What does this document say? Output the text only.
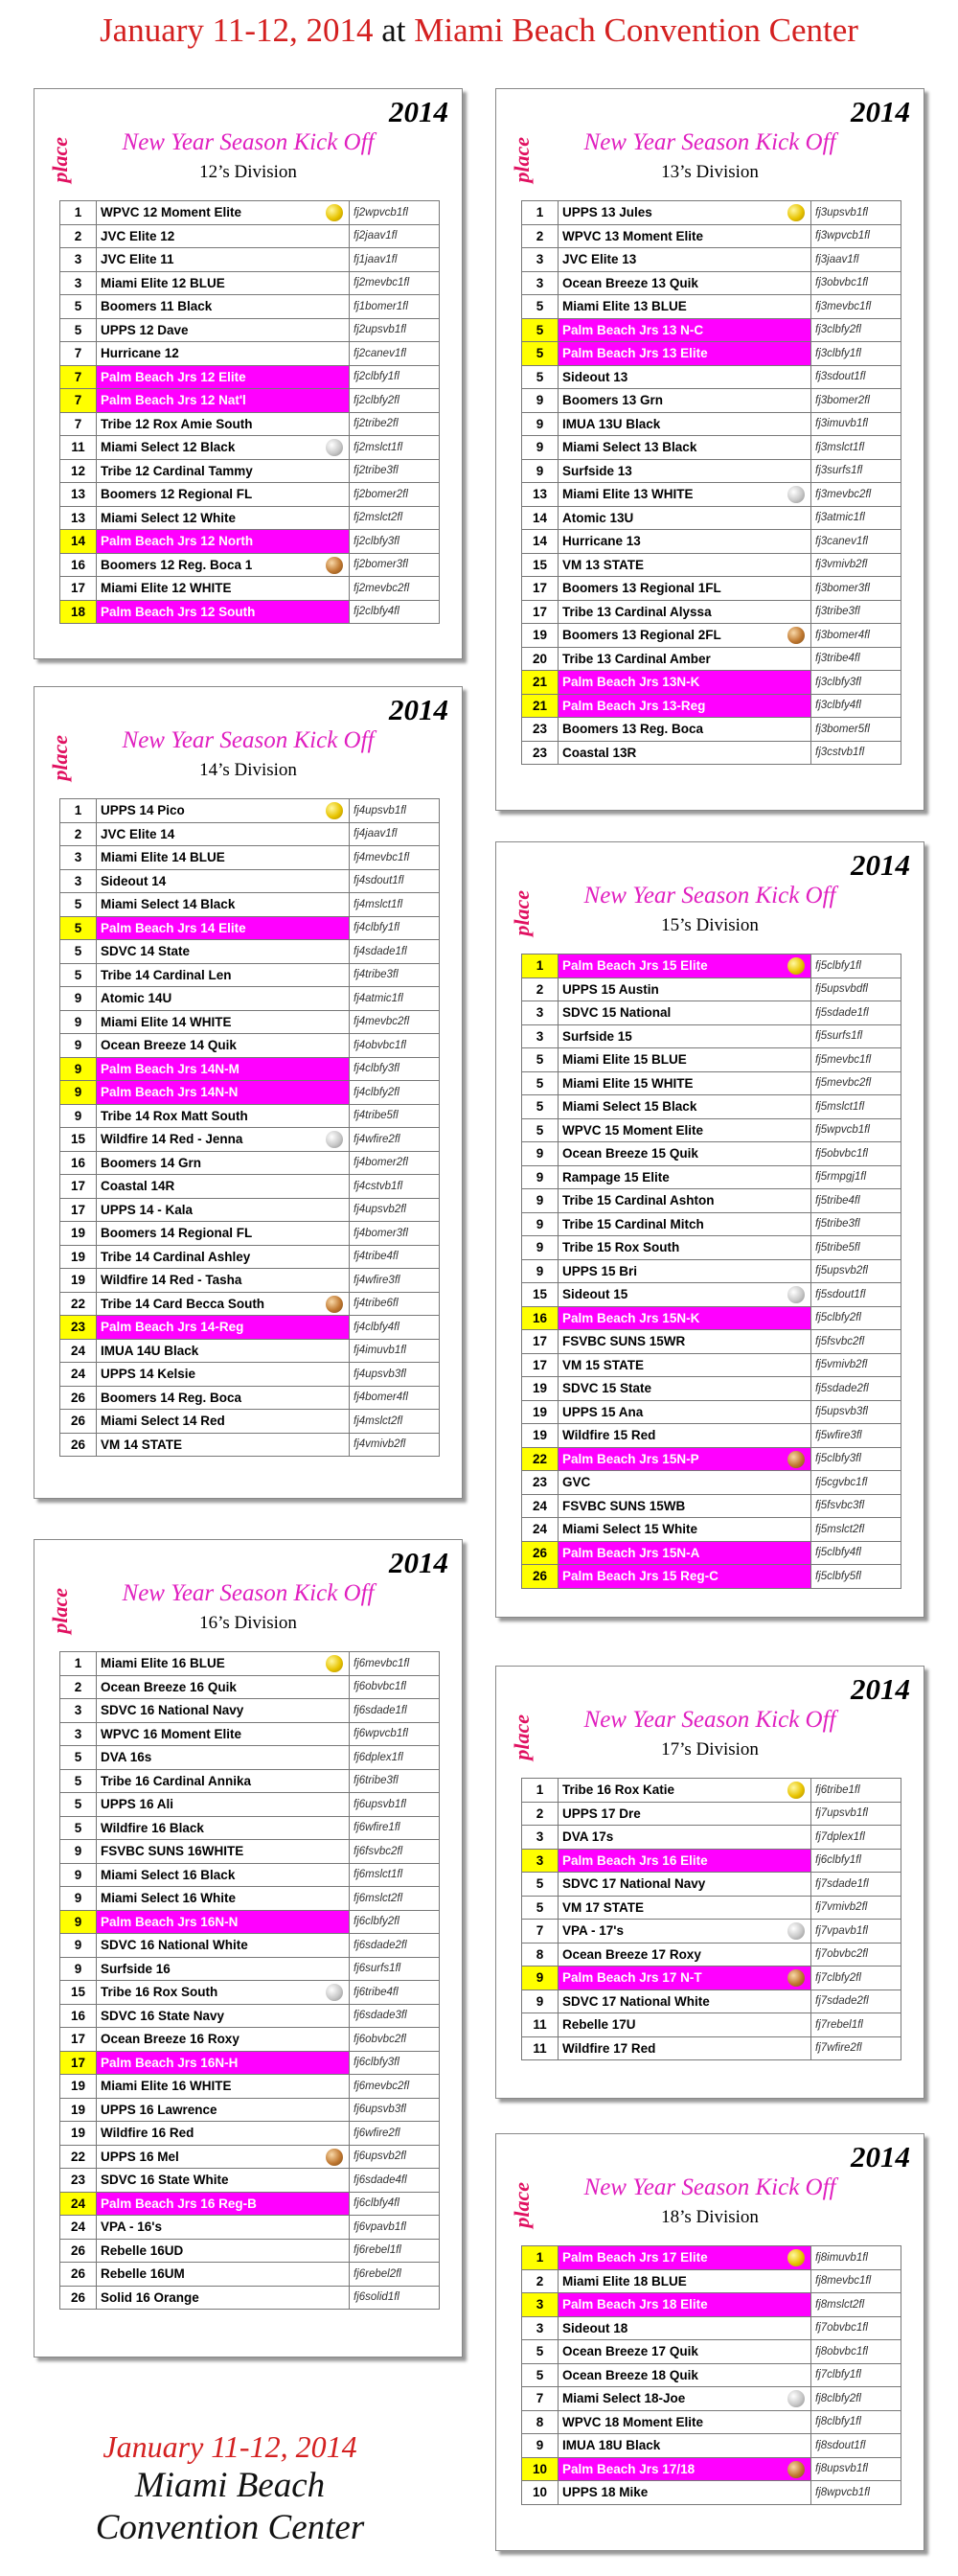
January 11-12, 2014 at Miami Beach Convention Center
2014
place	New Year Season Kick Off
12’s Division
1	WPVC 12 Moment Elite	fj2wpvcb1fl
2	JVC Elite 12	fj2jaav1fl
3	JVC Elite 11	fj1jaav1fl
3	Miami Elite 12 BLUE	fj2mevbc1fl
5	Boomers 11 Black	fj1bomer1fl
5	UPPS 12 Dave	fj2upsvb1fl
7	Hurricane 12	fj2canev1fl
7	Palm Beach Jrs 12 Elite	fj2clbfy1fl
7	Palm Beach Jrs 12 Nat'l	fj2clbfy2fl
7	Tribe 12 Rox Amie South	fj2tribe2fl
11	Miami Select 12 Black	fj2mslct1fl
12	Tribe 12 Cardinal Tammy	fj2tribe3fl
13	Boomers 12 Regional FL	fj2bomer2fl
13	Miami Select 12 White	fj2mslct2fl
14	Palm Beach Jrs 12 North	fj2clbfy3fl
16	Boomers 12 Reg. Boca 1	fj2bomer3fl
17	Miami Elite 12 WHITE	fj2mevbc2fl
18	Palm Beach Jrs 12 South	fj2clbfy4fl
2014
place	New Year Season Kick Off
13’s Division
1	UPPS 13 Jules	fj3upsvb1fl
2	WPVC 13 Moment Elite	fj3wpvcb1fl
3	JVC Elite 13	fj3jaav1fl
3	Ocean Breeze 13 Quik	fj3obvbc1fl
5	Miami Elite 13 BLUE	fj3mevbc1fl
5	Palm Beach Jrs 13 N-C	fj3clbfy2fl
5	Palm Beach Jrs 13 Elite	fj3clbfy1fl
5	Sideout 13	fj3sdout1fl
9	Boomers 13 Grn	fj3bomer2fl
9	IMUA 13U Black	fj3imuvb1fl
9	Miami Select 13 Black	fj3mslct1fl
9	Surfside 13	fj3surfs1fl
13	Miami Elite 13 WHITE	fj3mevbc2fl
14	Atomic 13U	fj3atmic1fl
14	Hurricane 13	fj3canev1fl
15	VM 13 STATE	fj3vmivb2fl
17	Boomers 13 Regional 1FL	fj3bomer3fl
17	Tribe 13 Cardinal Alyssa	fj3tribe3fl
19	Boomers 13 Regional 2FL	fj3bomer4fl
20	Tribe 13 Cardinal Amber	fj3tribe4fl
21	Palm Beach Jrs 13N-K	fj3clbfy3fl
21	Palm Beach Jrs 13-Reg	fj3clbfy4fl
23	Boomers 13 Reg. Boca	fj3bomer5fl
23	Coastal 13R	fj3cstvb1fl
2014
place	New Year Season Kick Off
14’s Division
1	UPPS 14 Pico	fj4upsvb1fl
2	JVC Elite 14	fj4jaav1fl
3	Miami Elite 14 BLUE	fj4mevbc1fl
3	Sideout 14	fj4sdout1fl
5	Miami Select 14 Black	fj4mslct1fl
5	Palm Beach Jrs 14 Elite	fj4clbfy1fl
5	SDVC 14 State	fj4sdade1fl
5	Tribe 14 Cardinal Len	fj4tribe3fl
9	Atomic 14U	fj4atmic1fl
9	Miami Elite 14 WHITE	fj4mevbc2fl
9	Ocean Breeze 14 Quik	fj4obvbc1fl
9	Palm Beach Jrs 14N-M	fj4clbfy3fl
9	Palm Beach Jrs 14N-N	fj4clbfy2fl
9	Tribe 14 Rox Matt South	fj4tribe5fl
15	Wildfire 14 Red - Jenna	fj4wfire2fl
16	Boomers 14 Grn	fj4bomer2fl
17	Coastal 14R	fj4cstvb1fl
17	UPPS 14 - Kala	fj4upsvb2fl
19	Boomers 14 Regional FL	fj4bomer3fl
19	Tribe 14 Cardinal Ashley	fj4tribe4fl
19	Wildfire 14 Red - Tasha	fj4wfire3fl
22	Tribe 14 Card Becca South	fj4tribe6fl
23	Palm Beach Jrs 14-Reg	fj4clbfy4fl
24	IMUA 14U Black	fj4imuvb1fl
24	UPPS 14 Kelsie	fj4upsvb3fl
26	Boomers 14 Reg. Boca	fj4bomer4fl
26	Miami Select 14 Red	fj4mslct2fl
26	VM 14 STATE	fj4vmivb2fl
2014
place	New Year Season Kick Off
15’s Division
1	Palm Beach Jrs 15 Elite	fj5clbfy1fl
2	UPPS 15 Austin	fj5upsvbdfl
3	SDVC 15 National	fj5sdade1fl
3	Surfside 15	fj5surfs1fl
5	Miami Elite 15 BLUE	fj5mevbc1fl
5	Miami Elite 15 WHITE	fj5mevbc2fl
5	Miami Select 15 Black	fj5mslct1fl
5	WPVC 15 Moment Elite	fj5wpvcb1fl
9	Ocean Breeze 15 Quik	fj5obvbc1fl
9	Rampage 15 Elite	fj5rmpgj1fl
9	Tribe 15 Cardinal Ashton	fj5tribe4fl
9	Tribe 15 Cardinal Mitch	fj5tribe3fl
9	Tribe 15 Rox South	fj5tribe5fl
9	UPPS 15 Bri	fj5upsvb2fl
15	Sideout 15	fj5sdout1fl
16	Palm Beach Jrs 15N-K	fj5clbfy2fl
17	FSVBC SUNS 15WR	fj5fsvbc2fl
17	VM 15 STATE	fj5vmivb2fl
19	SDVC 15 State	fj5sdade2fl
19	UPPS 15 Ana	fj5upsvb3fl
19	Wildfire 15 Red	fj5wfire3fl
22	Palm Beach Jrs 15N-P	fj5clbfy3fl
23	GVC	fj5cgvbc1fl
24	FSVBC SUNS 15WB	fj5fsvbc3fl
24	Miami Select 15 White	fj5mslct2fl
26	Palm Beach Jrs 15N-A	fj5clbfy4fl
26	Palm Beach Jrs 15 Reg-C	fj5clbfy5fl
2014
place	New Year Season Kick Off
16’s Division
1	Miami Elite 16 BLUE	fj6mevbc1fl
2	Ocean Breeze 16 Quik	fj6obvbc1fl
3	SDVC 16 National Navy	fj6sdade1fl
3	WPVC 16 Moment Elite	fj6wpvcb1fl
5	DVA 16s	fj6dplex1fl
5	Tribe 16 Cardinal Annika	fj6tribe3fl
5	UPPS 16 Ali	fj6upsvb1fl
5	Wildfire 16 Black	fj6wfire1fl
9	FSVBC SUNS 16WHITE	fj6fsvbc2fl
9	Miami Select 16 Black	fj6mslct1fl
9	Miami Select 16 White	fj6mslct2fl
9	Palm Beach Jrs 16N-N	fj6clbfy2fl
9	SDVC 16 National White	fj6sdade2fl
9	Surfside 16	fj6surfs1fl
15	Tribe 16 Rox South	fj6tribe4fl
16	SDVC 16 State Navy	fj6sdade3fl
17	Ocean Breeze 16 Roxy	fj6obvbc2fl
17	Palm Beach Jrs 16N-H	fj6clbfy3fl
19	Miami Elite 16 WHITE	fj6mevbc2fl
19	UPPS 16 Lawrence	fj6upsvb3fl
19	Wildfire 16 Red	fj6wfire2fl
22	UPPS 16 Mel	fj6upsvb2fl
23	SDVC 16 State White	fj6sdade4fl
24	Palm Beach Jrs 16 Reg-B	fj6clbfy4fl
24	VPA - 16's	fj6vpavb1fl
26	Rebelle 16UD	fj6rebel1fl
26	Rebelle 16UM	fj6rebel2fl
26	Solid 16 Orange	fj6solid1fl
2014
place	New Year Season Kick Off
17’s Division
1	Tribe 16 Rox Katie	fj6tribe1fl
2	UPPS 17 Dre	fj7upsvb1fl
3	DVA 17s	fj7dplex1fl
3	Palm Beach Jrs 16 Elite	fj6clbfy1fl
5	SDVC 17 National Navy	fj7sdade1fl
5	VM 17 STATE	fj7vmivb2fl
7	VPA - 17's	fj7vpavb1fl
8	Ocean Breeze 17 Roxy	fj7obvbc2fl
9	Palm Beach Jrs 17 N-T	fj7clbfy2fl
9	SDVC 17 National White	fj7sdade2fl
11	Rebelle 17U	fj7rebel1fl
11	Wildfire 17 Red	fj7wfire2fl
2014
place	New Year Season Kick Off
18’s Division
1	Palm Beach Jrs 17 Elite	fj8imuvb1fl
2	Miami Elite 18 BLUE	fj8mevbc1fl
3	Palm Beach Jrs 18 Elite	fj8mslct2fl
3	Sideout 18	fj7obvbc1fl
5	Ocean Breeze 17 Quik	fj8obvbc1fl
5	Ocean Breeze 18 Quik	fj7clbfy1fl
7	Miami Select 18-Joe	fj8clbfy2fl
8	WPVC 18 Moment Elite	fj8clbfy1fl
9	IMUA 18U Black	fj8sdout1fl
10	Palm Beach Jrs 17/18	fj8upsvb1fl
10	UPPS 18 Mike	fj8wpvcb1fl
January 11-12, 2014
Miami Beach
Convention Center
